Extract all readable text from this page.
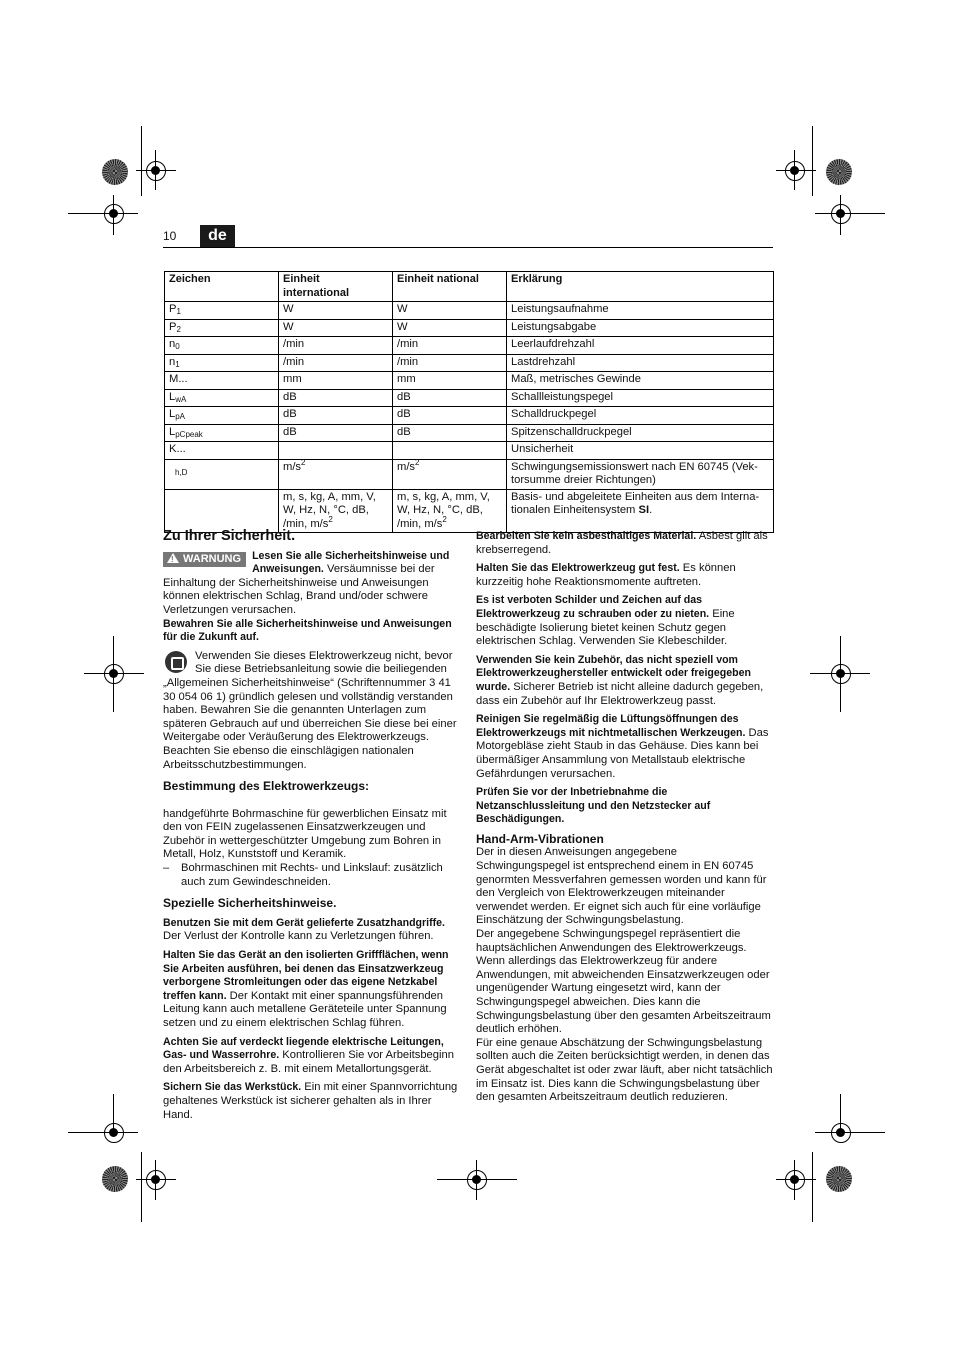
10	de
Zeichen	Einheit international	Einheit national	Erklärung
$P_1$	W	W	Leistungsaufnahme
$P_2$	W	W	Leistungsabgabe
$n_0$	/min	/min	Leerlaufdrehzahl
$n_1$	/min	/min	Lastdrehzahl
M...	mm	mm	Maß, metrisches Gewinde
$L_{wA}$	dB	dB	Schallleistungspegel
$L_{pA}$	dB	dB	Schalldruckpegel
$L_{pCpeak}$	dB	dB	Spitzenschalldruckpegel
K...			Unsicherheit
h,D	$m/s^2$	$m/s^2$	Schwingungsemissionswert nach EN 60745 (Vek-torsumme dreier Richtungen)
	m, s, kg, A, mm, V, W, Hz, N, °C, dB, /min, $m/s^2$	m, s, kg, A, mm, V, W, Hz, N, °C, dB, /min, $m/s^2$	Basis- und abgeleitete Einheiten aus dem Interna-tionalen Einheitensystem SI.
Zu Ihrer Sicherheit.

!WARNUNG	Lesen Sie alle Sicherheitshinweise und Anweisungen. Versäumnisse bei der Einhaltung der Sicherheitshinweise und Anweisungen können elektrischen Schlag, Brand und/oder schwere Verletzungen verursachen.

Bewahren Sie alle Sicherheitshinweise und Anweisungen für die Zukunft auf.

Verwenden Sie dieses Elektrowerkzeug nicht, bevor Sie diese Betriebsanleitung sowie die beiliegenden „Allgemeinen Sicherheitshinweise“ (Schriftennummer 3 41 30 054 06 1) gründlich gelesen und vollständig verstanden haben. Bewahren Sie die genannten Unterlagen zum späteren Gebrauch auf und überreichen Sie diese bei einer Weitergabe oder Veräußerung des Elektrowerkzeugs.

Beachten Sie ebenso die einschlägigen nationalen Arbeitsschutzbestimmungen.

Bestimmung des Elektrowerkzeugs:

handgeführte Bohrmaschine für gewerblichen Einsatz mit den von FEIN zugelassenen Einsatzwerkzeugen und Zubehör in wettergeschützter Umgebung zum Bohren in Metall, Holz, Kunststoff und Keramik.

–	Bohrmaschinen mit Rechts- und Linkslauf: zusätzlich auch zum Gewindeschneiden.
Spezielle Sicherheitshinweise.

Benutzen Sie mit dem Gerät gelieferte Zusatzhandgriffe. Der Verlust der Kontrolle kann zu Verletzungen führen.

Halten Sie das Gerät an den isolierten Griffflächen, wenn Sie Arbeiten ausführen, bei denen das Einsatzwerkzeug verborgene Stromleitungen oder das eigene Netzkabel treffen kann. Der Kontakt mit einer spannungsführenden Leitung kann auch metallene Geräteteile unter Spannung setzen und zu einem elektrischen Schlag führen.

Achten Sie auf verdeckt liegende elektrische Leitungen, Gas- und Wasserrohre. Kontrollieren Sie vor Arbeitsbeginn den Arbeitsbereich z. B. mit einem Metallortungsgerät.

Sichern Sie das Werkstück. Ein mit einer Spannvorrichtung gehaltenes Werkstück ist sicherer gehalten als in Ihrer Hand.

Bearbeiten Sie kein asbesthaltiges Material. Asbest gilt als krebserregend.

Halten Sie das Elektrowerkzeug gut fest. Es können kurzzeitig hohe Reaktionsmomente auftreten.

Es ist verboten Schilder und Zeichen auf das Elektrowerkzeug zu schrauben oder zu nieten. Eine beschädigte Isolierung bietet keinen Schutz gegen elektrischen Schlag. Verwenden Sie Klebeschilder.

Verwenden Sie kein Zubehör, das nicht speziell vom Elektrowerkzeughersteller entwickelt oder freigegeben wurde. Sicherer Betrieb ist nicht alleine dadurch gegeben, dass ein Zubehör auf Ihr Elektrowerkzeug passt.

Reinigen Sie regelmäßig die Lüftungsöffnungen des Elektrowerkzeugs mit nichtmetallischen Werkzeugen. Das Motorgebläse zieht Staub in das Gehäuse. Dies kann bei übermäßiger Ansammlung von Metallstaub elektrische Gefährdungen verursachen.

Prüfen Sie vor der Inbetriebnahme die Netzanschlussleitung und den Netzstecker auf Beschädigungen.

Hand-Arm-Vibrationen

Der in diesen Anweisungen angegebene Schwingungspegel ist entsprechend einem in EN 60745 genormten Messverfahren gemessen worden und kann für den Vergleich von Elektrowerkzeugen miteinander verwendet werden. Er eignet sich auch für eine vorläufige Einschätzung der Schwingungsbelastung.

Der angegebene Schwingungspegel repräsentiert die hauptsächlichen Anwendungen des Elektrowerkzeugs. Wenn allerdings das Elektrowerkzeug für andere Anwendungen, mit abweichenden Einsatzwerkzeugen oder ungenügender Wartung eingesetzt wird, kann der Schwingungspegel abweichen. Dies kann die Schwingungsbelastung über den gesamten Arbeitszeitraum deutlich erhöhen.

Für eine genaue Abschätzung der Schwingungsbelastung sollten auch die Zeiten berücksichtigt werden, in denen das Gerät abgeschaltet ist oder zwar läuft, aber nicht tatsächlich im Einsatz ist. Dies kann die Schwingungsbelastung über den gesamten Arbeitszeitraum deutlich reduzieren.
